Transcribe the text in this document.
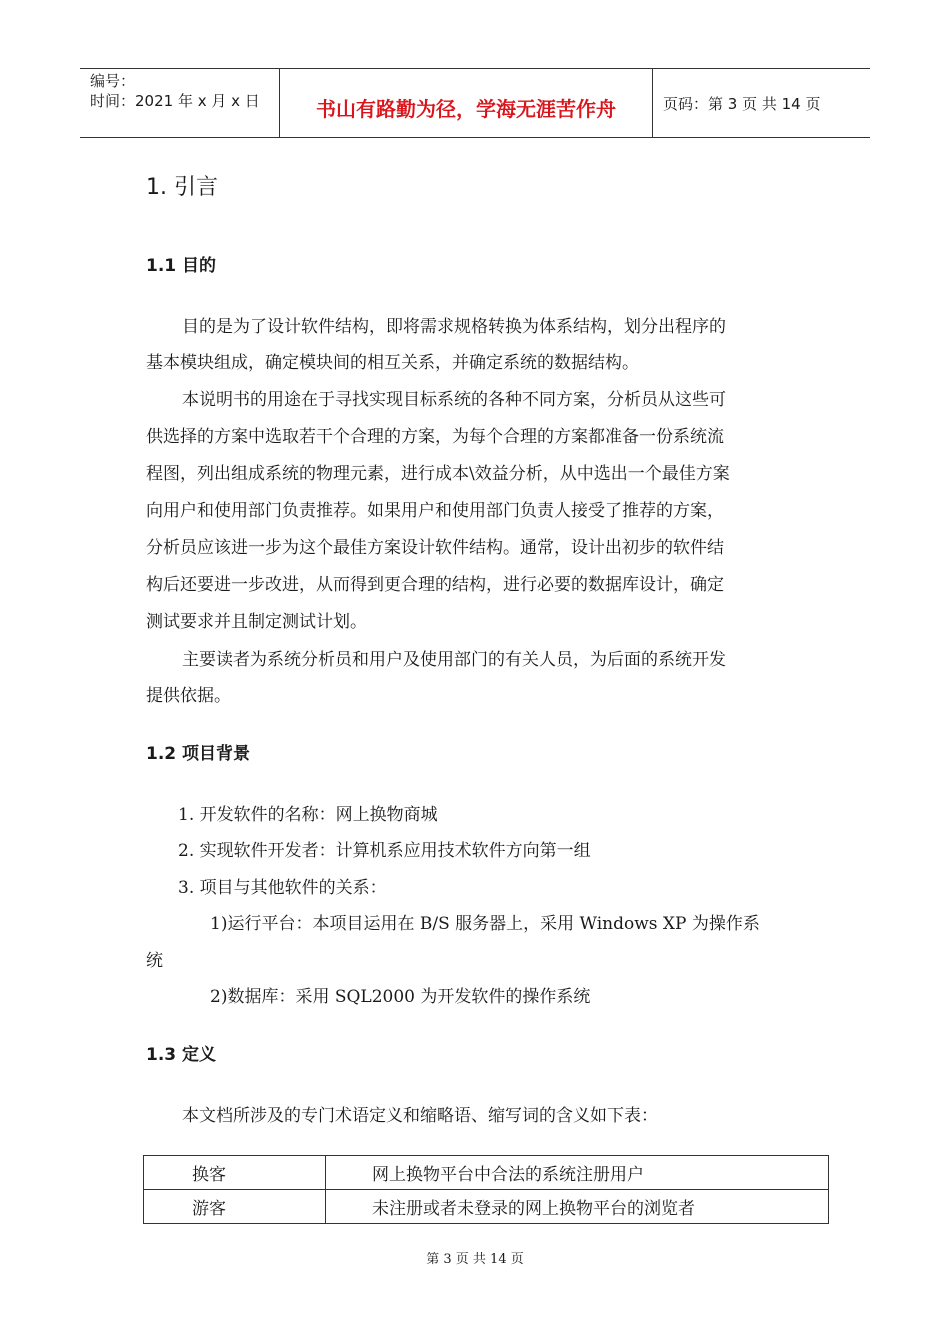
编号：
时间：2021 年 x 月 x 日	书山有路勤为径，学海无涯苦作舟	页码：第 3 页 共 14 页
1. 引言
1.1 目的
目的是为了设计软件结构，即将需求规格转换为体系结构，划分出程序的
基本模块组成，确定模块间的相互关系，并确定系统的数据结构。
本说明书的用途在于寻找实现目标系统的各种不同方案，分析员从这些可
供选择的方案中选取若干个合理的方案，为每个合理的方案都准备一份系统流
程图，列出组成系统的物理元素，进行成本\效益分析，从中选出一个最佳方案
向用户和使用部门负责推荐。如果用户和使用部门负责人接受了推荐的方案，
分析员应该进一步为这个最佳方案设计软件结构。通常，设计出初步的软件结
构后还要进一步改进，从而得到更合理的结构，进行必要的数据库设计，确定
测试要求并且制定测试计划。
主要读者为系统分析员和用户及使用部门的有关人员，为后面的系统开发
提供依据。
1.2 项目背景
1. 开发软件的名称：网上换物商城
2. 实现软件开发者：计算机系应用技术软件方向第一组
3. 项目与其他软件的关系：
1)运行平台：本项目运用在 B/S 服务器上，采用 Windows XP 为操作系
统
2)数据库：采用 SQL2000 为开发软件的操作系统
1.3 定义
本文档所涉及的专门术语定义和缩略语、缩写词的含义如下表：
换客	网上换物平台中合法的系统注册用户
游客	未注册或者未登录的网上换物平台的浏览者
第 3 页 共 14 页
